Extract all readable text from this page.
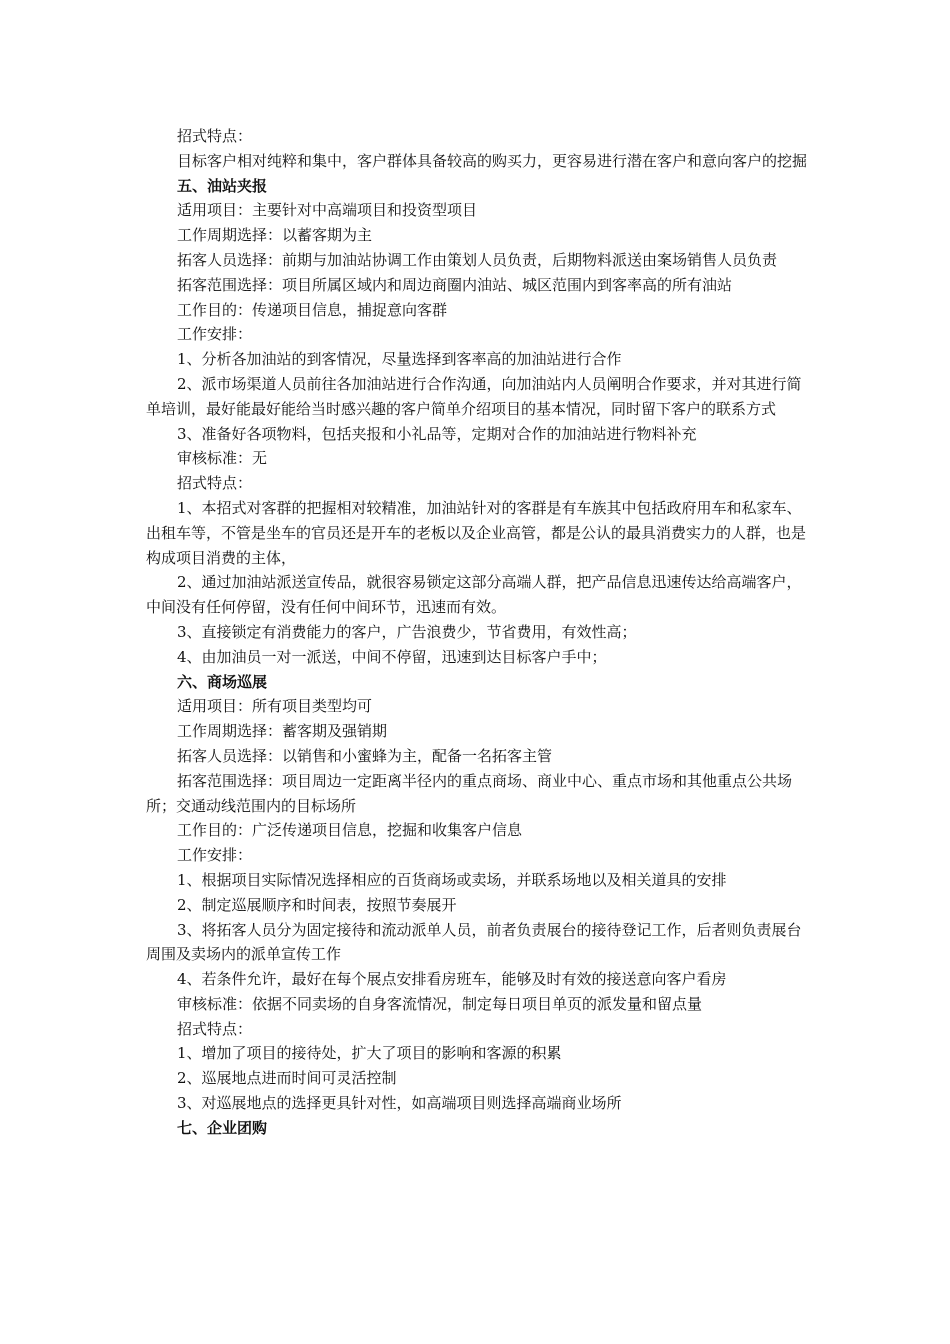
招式特点：

目标客户相对纯粹和集中，客户群体具备较高的购买力，更容易进行潜在客户和意向客户的挖掘

五、油站夹报

适用项目：主要针对中高端项目和投资型项目

工作周期选择：以蓄客期为主

拓客人员选择：前期与加油站协调工作由策划人员负责，后期物料派送由案场销售人员负责

拓客范围选择：项目所属区域内和周边商圈内油站、城区范围内到客率高的所有油站

工作目的：传递项目信息，捕捉意向客群

工作安排：

1、分析各加油站的到客情况，尽量选择到客率高的加油站进行合作

2、派市场渠道人员前往各加油站进行合作沟通，向加油站内人员阐明合作要求，并对其进行简单培训，最好能最好能给当时感兴趣的客户简单介绍项目的基本情况，同时留下客户的联系方式

3、准备好各项物料，包括夹报和小礼品等，定期对合作的加油站进行物料补充

审核标准：无

招式特点：

1、本招式对客群的把握相对较精准，加油站针对的客群是有车族其中包括政府用车和私家车、出租车等，不管是坐车的官员还是开车的老板以及企业高管，都是公认的最具消费实力的人群，也是构成项目消费的主体，

2、通过加油站派送宣传品，就很容易锁定这部分高端人群，把产品信息迅速传达给高端客户，中间没有任何停留，没有任何中间环节，迅速而有效。

3、直接锁定有消费能力的客户，广告浪费少，节省费用，有效性高；

4、由加油员一对一派送，中间不停留，迅速到达目标客户手中；

六、商场巡展

适用项目：所有项目类型均可

工作周期选择：蓄客期及强销期

拓客人员选择：以销售和小蜜蜂为主，配备一名拓客主管

拓客范围选择：项目周边一定距离半径内的重点商场、商业中心、重点市场和其他重点公共场所；交通动线范围内的目标场所

工作目的：广泛传递项目信息，挖掘和收集客户信息

工作安排：

1、根据项目实际情况选择相应的百货商场或卖场，并联系场地以及相关道具的安排

2、制定巡展顺序和时间表，按照节奏展开

3、将拓客人员分为固定接待和流动派单人员，前者负责展台的接待登记工作，后者则负责展台周围及卖场内的派单宣传工作

4、若条件允许，最好在每个展点安排看房班车，能够及时有效的接送意向客户看房

审核标准：依据不同卖场的自身客流情况，制定每日项目单页的派发量和留点量

招式特点：

1、增加了项目的接待处，扩大了项目的影响和客源的积累

2、巡展地点进而时间可灵活控制

3、对巡展地点的选择更具针对性，如高端项目则选择高端商业场所

七、企业团购
